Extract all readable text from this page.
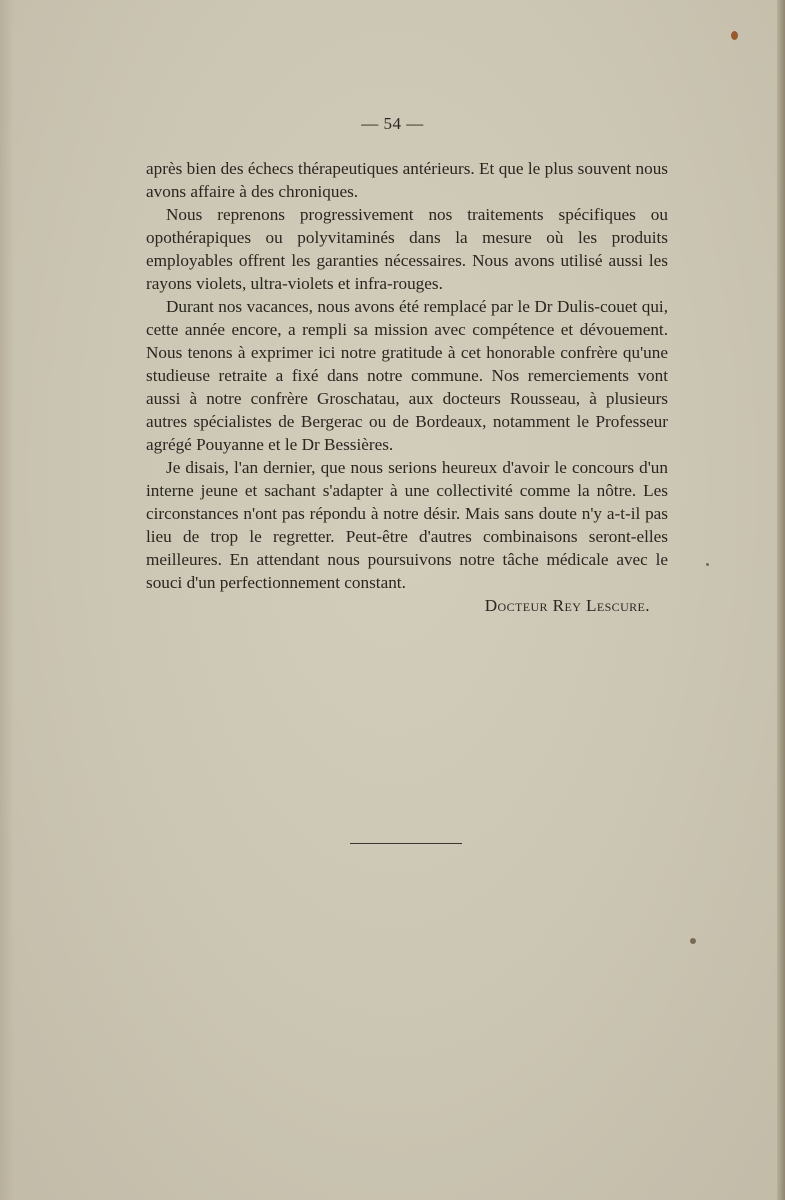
— 54 —

après bien des échecs thérapeutiques antérieurs. Et que le plus souvent nous avons affaire à des chroniques.

Nous reprenons progressivement nos traitements spécifiques ou opothérapiques ou polyvitaminés dans la mesure où les produits employables offrent les garanties nécessaires. Nous avons utilisé aussi les rayons violets, ultra-violets et infra-rouges.

Durant nos vacances, nous avons été remplacé par le Dr Dulis-couet qui, cette année encore, a rempli sa mission avec compétence et dévouement. Nous tenons à exprimer ici notre gratitude à cet honorable confrère qu'une studieuse retraite a fixé dans notre commune. Nos remerciements vont aussi à notre confrère Groschatau, aux docteurs Rousseau, à plusieurs autres spécialistes de Bergerac ou de Bordeaux, notamment le Professeur agrégé Pouyanne et le Dr Bessières.

Je disais, l'an dernier, que nous serions heureux d'avoir le concours d'un interne jeune et sachant s'adapter à une collectivité comme la nôtre. Les circonstances n'ont pas répondu à notre désir. Mais sans doute n'y a-t-il pas lieu de trop le regretter. Peut-être d'autres combinaisons seront-elles meilleures. En attendant nous poursuivons notre tâche médicale avec le souci d'un perfectionnement constant.

Docteur Rey Lescure.
